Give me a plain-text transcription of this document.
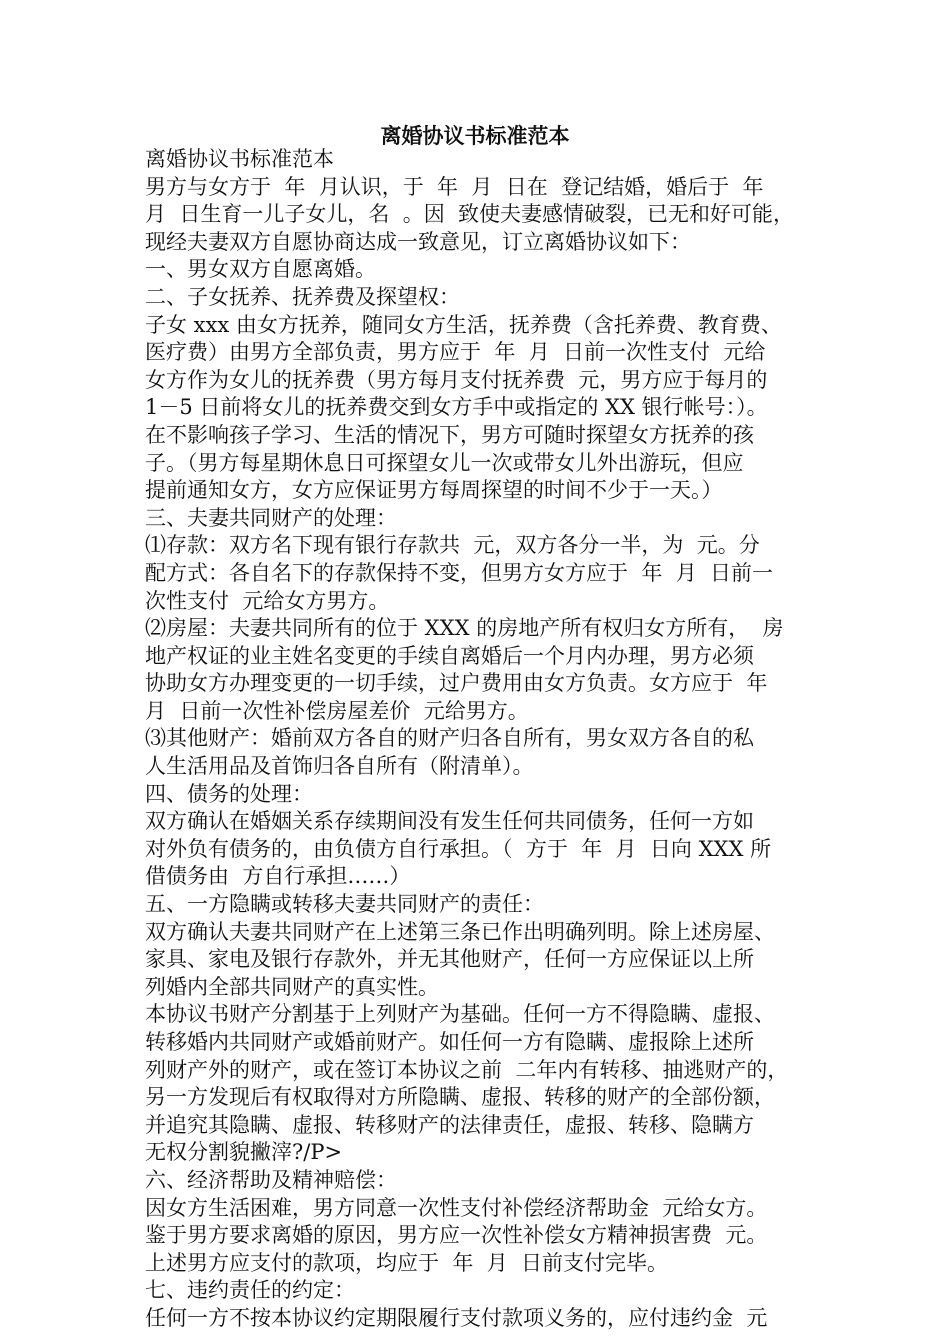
离婚协议书标准范本
离婚协议书标准范本
男方与女方于  年  月认识，于  年  月  日在  登记结婚，婚后于  年
月  日生育一儿子女儿，名  。因  致使夫妻感情破裂，已无和好可能，
现经夫妻双方自愿协商达成一致意见，订立离婚协议如下：
一、男女双方自愿离婚。
二、子女抚养、抚养费及探望权：
子女 xxx 由女方抚养，随同女方生活，抚养费（含托养费、教育费、
医疗费）由男方全部负责，男方应于  年  月  日前一次性支付  元给
女方作为女儿的抚养费（男方每月支付抚养费  元，男方应于每月的
1－5 日前将女儿的抚养费交到女方手中或指定的 XX 银行帐号：）。
在不影响孩子学习、生活的情况下，男方可随时探望女方抚养的孩
子。（男方每星期休息日可探望女儿一次或带女儿外出游玩，但应
提前通知女方，女方应保证男方每周探望的时间不少于一天。）
三、夫妻共同财产的处理：
⑴存款：双方名下现有银行存款共  元，双方各分一半，为  元。分
配方式：各自名下的存款保持不变，但男方女方应于  年  月  日前一
次性支付  元给女方男方。
⑵房屋：夫妻共同所有的位于 XXX 的房地产所有权归女方所有，  房
地产权证的业主姓名变更的手续自离婚后一个月内办理，男方必须
协助女方办理变更的一切手续，过户费用由女方负责。女方应于  年
月  日前一次性补偿房屋差价  元给男方。
⑶其他财产：婚前双方各自的财产归各自所有，男女双方各自的私
人生活用品及首饰归各自所有（附清单）。
四、债务的处理：
双方确认在婚姻关系存续期间没有发生任何共同债务，任何一方如
对外负有债务的，由负债方自行承担。（  方于  年  月  日向 XXX 所
借债务由  方自行承担……）
五、一方隐瞒或转移夫妻共同财产的责任：
双方确认夫妻共同财产在上述第三条已作出明确列明。除上述房屋、
家具、家电及银行存款外，并无其他财产，任何一方应保证以上所
列婚内全部共同财产的真实性。
本协议书财产分割基于上列财产为基础。任何一方不得隐瞒、虚报、
转移婚内共同财产或婚前财产。如任何一方有隐瞒、虚报除上述所
列财产外的财产，或在签订本协议之前  二年内有转移、抽逃财产的，
另一方发现后有权取得对方所隐瞒、虚报、转移的财产的全部份额，
并追究其隐瞒、虚报、转移财产的法律责任，虚报、转移、隐瞒方
无权分割貌撇滓?/P>
六、经济帮助及精神赔偿：
因女方生活困难，男方同意一次性支付补偿经济帮助金  元给女方。
鉴于男方要求离婚的原因，男方应一次性补偿女方精神损害费  元。
上述男方应支付的款项，均应于  年  月  日前支付完毕。
七、违约责任的约定：
任何一方不按本协议约定期限履行支付款项义务的，应付违约金  元
